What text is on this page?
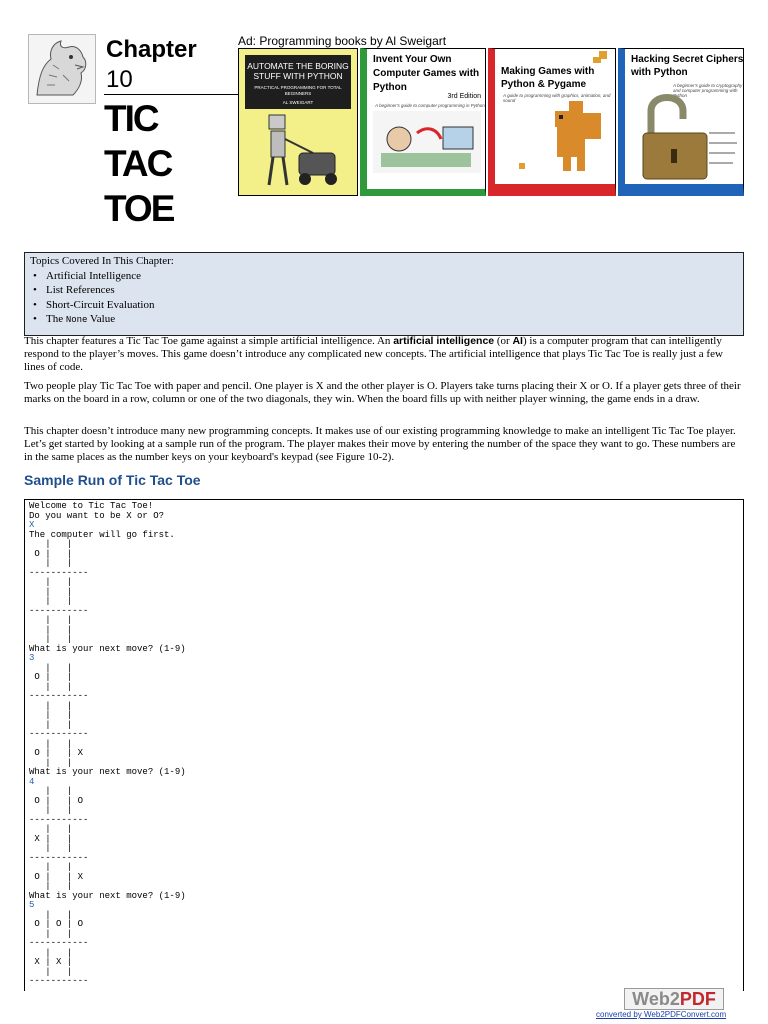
Chapter
10
TIC
TAC
TOE
Ad: Programming books by Al Sweigart
AUTOMATE THE BORING STUFF WITH PYTHON
PRACTICAL PROGRAMMING FOR TOTAL BEGINNERS
AL SWEIGART
Invent Your Own Computer Games with Python
3rd Edition
A beginner's guide to computer programming in Python
Al Sweigart
Making Games with Python & Pygame
A guide to programming with graphics, animation, and sound
Al Sweigart
Hacking Secret Ciphers with Python
A beginner's guide to cryptography and computer programming with Python
Al Sweigart
Topics Covered In This Chapter:
• Artificial Intelligence
• List References
• Short-Circuit Evaluation
• The None Value
This chapter features a Tic Tac Toe game against a simple artificial intelligence. An artificial intelligence (or AI) is a computer program that can intelligently respond to the player’s moves. This game doesn’t introduce any complicated new concepts. The artificial intelligence that plays Tic Tac Toe is really just a few lines of code.
Two people play Tic Tac Toe with paper and pencil. One player is X and the other player is O. Players take turns placing their X or O. If a player gets three of their marks on the board in a row, column or one of the two diagonals, they win. When the board fills up with neither player winning, the game ends in a draw.
This chapter doesn’t introduce many new programming concepts. It makes use of our existing programming knowledge to make an intelligent Tic Tac Toe player. Let’s get started by looking at a sample run of the program. The player makes their move by entering the number of the space they want to go. These numbers are in the same places as the number keys on your keyboard's keypad (see Figure 10-2).
Sample Run of Tic Tac Toe
Welcome to Tic Tac Toe!
Do you want to be X or O?
X
The computer will go first.
|   |
O |   |
|   |
-----------
|   |
|   |
|   |
-----------
|   |
|   |
|   |
What is your next move? (1-9)
3
|   |
O |   |
|   |
-----------
|   |
|   |
|   |
-----------
|   |
O |   | X
|   |
What is your next move? (1-9)
4
|   |
O |   | O
|   |
-----------
|   |
X |   |
|   |
-----------
|   |
O |   | X
|   |
What is your next move? (1-9)
5
|   |
O | O | O
|   |
-----------
|   |
X | X |
|   |
-----------
Web2PDF
converted by Web2PDFConvert.com
